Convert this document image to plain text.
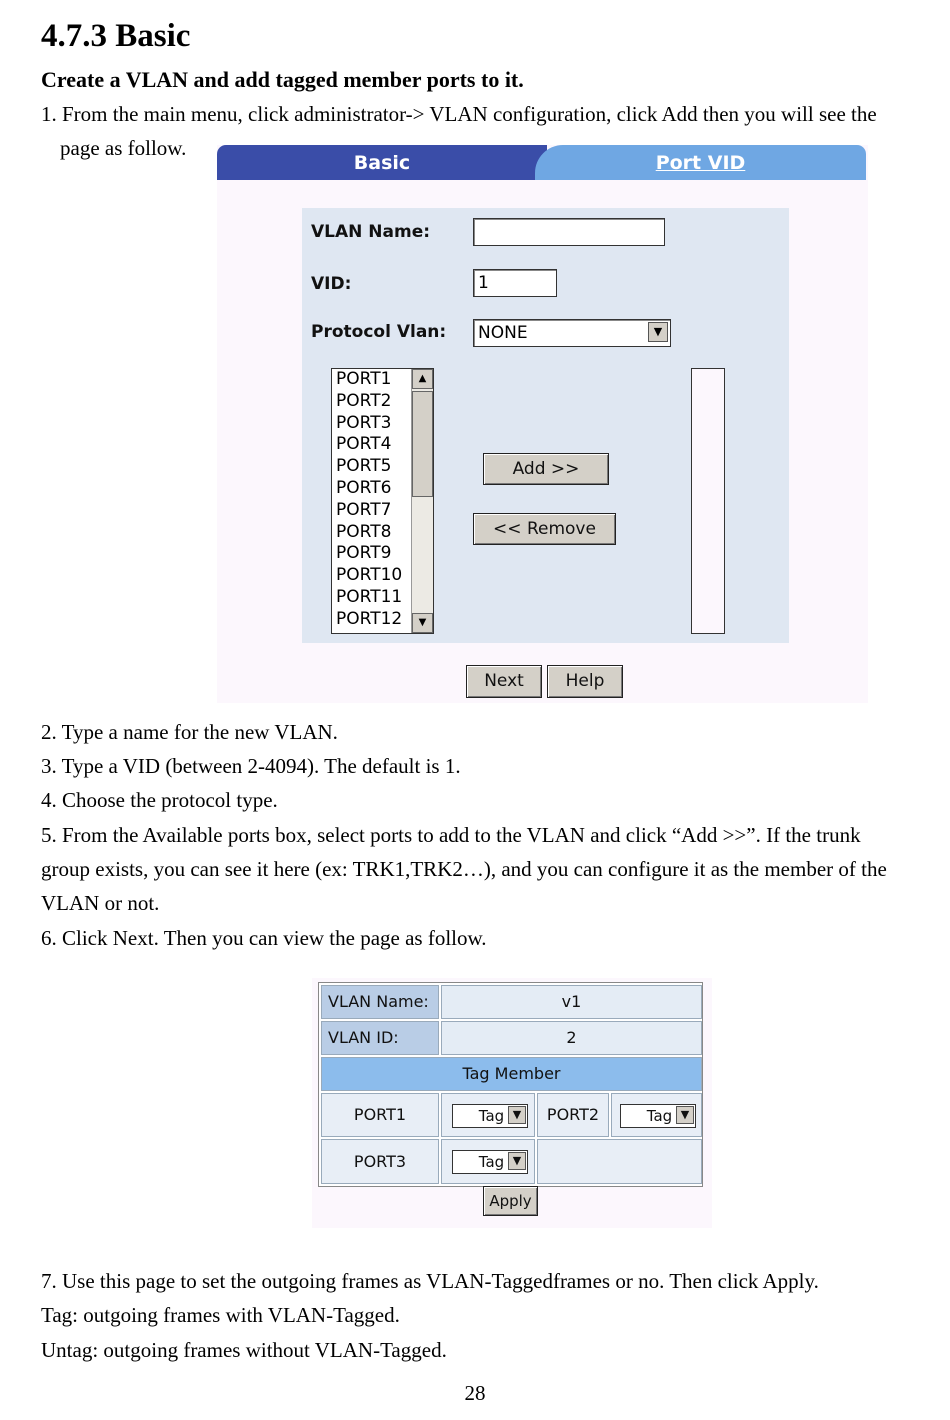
4.7.3 Basic
Create a VLAN and add tagged member ports to it.
1. From the main menu, click administrator-> VLAN configuration, click Add then you will see the
page as follow.
Basic	Port VID
VLAN Name:
VID:	1
Protocol Vlan: NONE	▼
PORT1
PORT2
PORT3
PORT4
PORT5
PORT6
PORT7
PORT8
PORT9
PORT10
PORT11
PORT12
▲
▼
Add >>
<< Remove
Next	Help
2. Type a name for the new VLAN.
3. Type a VID (between 2-4094). The default is 1.
4. Choose the protocol type.
5. From the Available ports box, select ports to add to the VLAN and click “Add >>”. If the trunk
group exists, you can see it here (ex: TRK1,TRK2…), and you can configure it as the member of the
VLAN or not.
6. Click Next. Then you can view the page as follow.
VLAN Name:	v1
VLAN ID:	2
Tag Member
PORT1	Tag ▼	PORT2	Tag ▼
PORT3	Tag ▼
Apply
7. Use this page to set the outgoing frames as VLAN-Taggedframes or no. Then click Apply.
Tag: outgoing frames with VLAN-Tagged.
Untag: outgoing frames without VLAN-Tagged.
28
